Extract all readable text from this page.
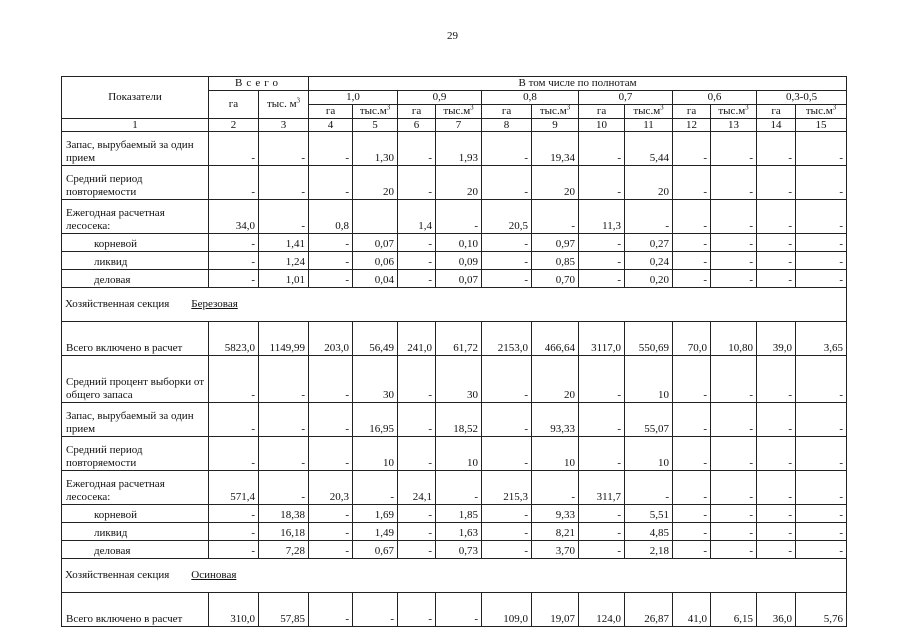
29
Показатели	Всего		В том числе по полнотам											
	га	тыс. $м^3$	1,0		0,9		0,8		0,7		0,6		0,3-0,5	
			га	$тыс.м^3$	га	$тыс.м^3$	га	$тыс.м^3$	га	$тыс.м^3$	га	$тыс.м^3$	га	$тыс.м^3$
1	2	3	4	5	6	7	8	9	10	11	12	13	14	15
Запас, вырубаемый за один прием	-	-	-	1,30	-	1,93	-	19,34	-	5,44	-	-	-	-
Средний период повторяемости	-	-	-	20	-	20	-	20	-	20	-	-	-	-
Ежегодная расчетная лесосека:	34,0	-	0,8		1,4	-	20,5	-	11,3	-	-	-	-	-
корневой	-	1,41	-	0,07	-	0,10	-	0,97	-	0,27	-	-	-	-
ликвид	-	1,24	-	0,06	-	0,09	-	0,85	-	0,24	-	-	-	-
деловая	-	1,01	-	0,04	-	0,07	-	0,70	-	0,20	-	-	-	-
Хозяйственная секция Березовая														
Всего включено в расчет	5823,0	1149,99	203,0	56,49	241,0	61,72	2153,0	466,64	3117,0	550,69	70,0	10,80	39,0	3,65
Средний процент выборки от общего запаса	-	-	-	30	-	30	-	20	-	10	-	-	-	-
Запас, вырубаемый за один прием	-	-	-	16,95	-	18,52	-	93,33	-	55,07	-	-	-	-
Средний период повторяемости	-	-	-	10	-	10	-	10	-	10	-	-	-	-
Ежегодная расчетная лесосека:	571,4	-	20,3	-	24,1	-	215,3	-	311,7	-	-	-	-	-
корневой	-	18,38	-	1,69	-	1,85	-	9,33	-	5,51	-	-	-	-
ликвид	-	16,18	-	1,49	-	1,63	-	8,21	-	4,85	-	-	-	-
деловая	-	7,28	-	0,67	-	0,73	-	3,70	-	2,18	-	-	-	-
Хозяйственная секция Осиновая														
Всего включено в расчет	310,0	57,85	-	-	-	-	109,0	19,07	124,0	26,87	41,0	6,15	36,0	5,76
